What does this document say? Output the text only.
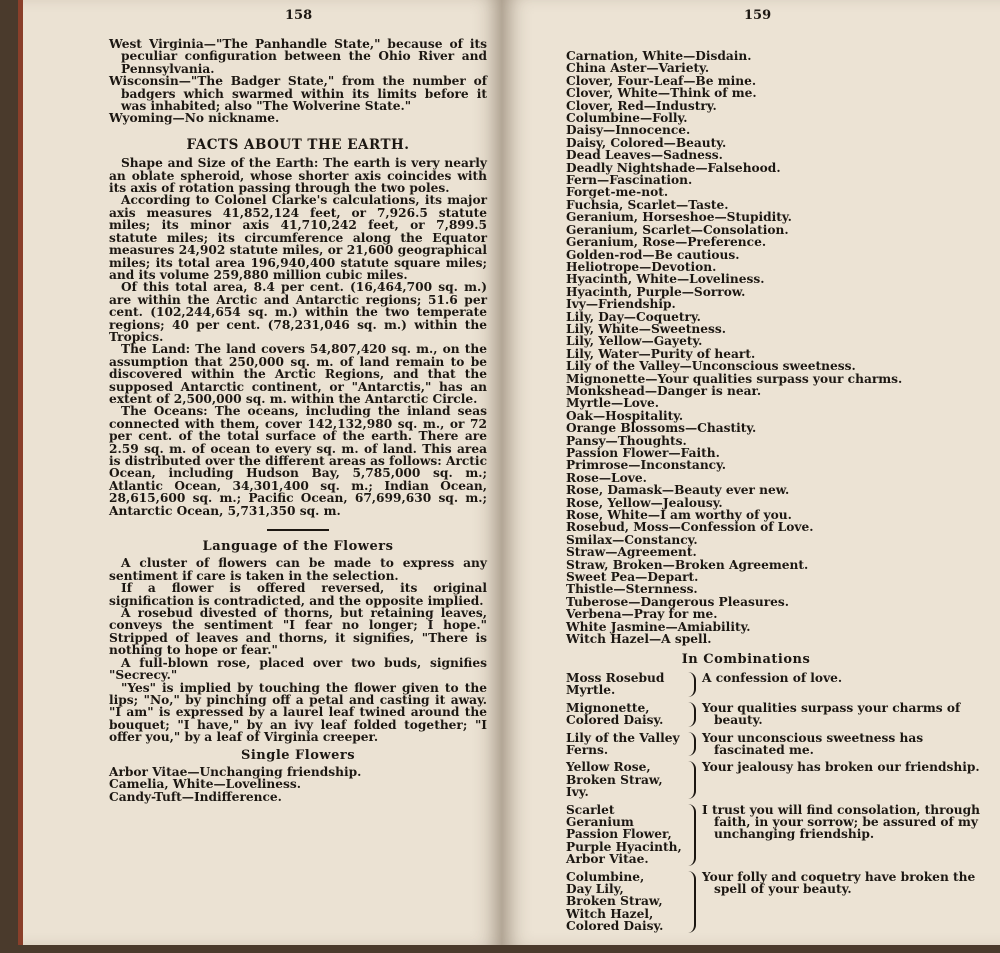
158

West Virginia—"The Panhandle State," because of its peculiar configuration between the Ohio River and Pennsylvania.

Wisconsin—"The Badger State," from the number of badgers which swarmed within its limits before it was inhabited; also "The Wolverine State."

Wyoming—No nickname.

FACTS ABOUT THE EARTH.

Shape and Size of the Earth: The earth is very nearly an oblate spheroid, whose shorter axis coincides with its axis of rotation passing through the two poles.

According to Colonel Clarke's calculations, its major axis measures 41,852,124 feet, or 7,926.5 statute miles; its minor axis 41,710,242 feet, or 7,899.5 statute miles; its circumference along the Equator measures 24,902 statute miles, or 21,600 geographical miles; its total area 196,940,400 statute square miles; and its volume 259,880 million cubic miles.

Of this total area, 8.4 per cent. (16,464,700 sq. m.) are within the Arctic and Antarctic regions; 51.6 per cent. (102,244,654 sq. m.) within the two temperate regions; 40 per cent. (78,231,046 sq. m.) within the Tropics.

The Land: The land covers 54,807,420 sq. m., on the assumption that 250,000 sq. m. of land remain to be discovered within the Arctic Regions, and that the supposed Antarctic continent, or "Antarctis," has an extent of 2,500,000 sq. m. within the Antarctic Circle.

The Oceans: The oceans, including the inland seas connected with them, cover 142,132,980 sq. m., or 72 per cent. of the total surface of the earth. There are 2.59 sq. m. of ocean to every sq. m. of land. This area is distributed over the different areas as follows: Arctic Ocean, including Hudson Bay, 5,785,000 sq. m.; Atlantic Ocean, 34,301,400 sq. m.; Indian Ocean, 28,615,600 sq. m.; Pacific Ocean, 67,699,630 sq. m.; Antarctic Ocean, 5,731,350 sq. m.

Language of the Flowers

A cluster of flowers can be made to express any sentiment if care is taken in the selection.

If a flower is offered reversed, its original signification is contradicted, and the opposite implied.

A rosebud divested of thorns, but retaining leaves, conveys the sentiment "I fear no longer; I hope." Stripped of leaves and thorns, it signifies, "There is nothing to hope or fear."

A full-blown rose, placed over two buds, signifies "Secrecy."

"Yes" is implied by touching the flower given to the lips; "No," by pinching off a petal and casting it away. "I am" is expressed by a laurel leaf twined around the bouquet; "I have," by an ivy leaf folded together; "I offer you," by a leaf of Virginia creeper.

Single Flowers

Arbor Vitae—Unchanging friendship.

Camelia, White—Loveliness.

Candy-Tuft—Indifference.

159

Carnation, White—Disdain.

China Aster—Variety.

Clover, Four-Leaf—Be mine.

Clover, White—Think of me.

Clover, Red—Industry.

Columbine—Folly.

Daisy—Innocence.

Daisy, Colored—Beauty.

Dead Leaves—Sadness.

Deadly Nightshade—Falsehood.

Fern—Fascination.

Forget-me-not.

Fuchsia, Scarlet—Taste.

Geranium, Horseshoe—Stupidity.

Geranium, Scarlet—Consolation.

Geranium, Rose—Preference.

Golden-rod—Be cautious.

Heliotrope—Devotion.

Hyacinth, White—Loveliness.

Hyacinth, Purple—Sorrow.

Ivy—Friendship.

Lily, Day—Coquetry.

Lily, White—Sweetness.

Lily, Yellow—Gayety.

Lily, Water—Purity of heart.

Lily of the Valley—Unconscious sweetness.

Mignonette—Your qualities surpass your charms.

Monkshead—Danger is near.

Myrtle—Love.

Oak—Hospitality.

Orange Blossoms—Chastity.

Pansy—Thoughts.

Passion Flower—Faith.

Primrose—Inconstancy.

Rose—Love.

Rose, Damask—Beauty ever new.

Rose, Yellow—Jealousy.

Rose, White—I am worthy of you.

Rosebud, Moss—Confession of Love.

Smilax—Constancy.

Straw—Agreement.

Straw, Broken—Broken Agreement.

Sweet Pea—Depart.

Thistle—Sternness.

Tuberose—Dangerous Pleasures.

Verbena—Pray for me.

White Jasmine—Amiability.

Witch Hazel—A spell.

In Combinations
Moss Rosebud
Myrtle.
A confession of love.
Mignonette,
Colored Daisy.
Your qualities surpass your charms of beauty.
Lily of the Valley
Ferns.
Your unconscious sweetness has fascinated me.
Yellow Rose,
Broken Straw,
Ivy.
Your jealousy has broken our friendship.
Scarlet Geranium
Passion Flower,
Purple Hyacinth,
Arbor Vitae.
I trust you will find consolation, through faith, in your sorrow; be assured of my unchanging friendship.
Columbine,
Day Lily,
Broken Straw,
Witch Hazel,
Colored Daisy.
Your folly and coquetry have broken the spell of your beauty.
